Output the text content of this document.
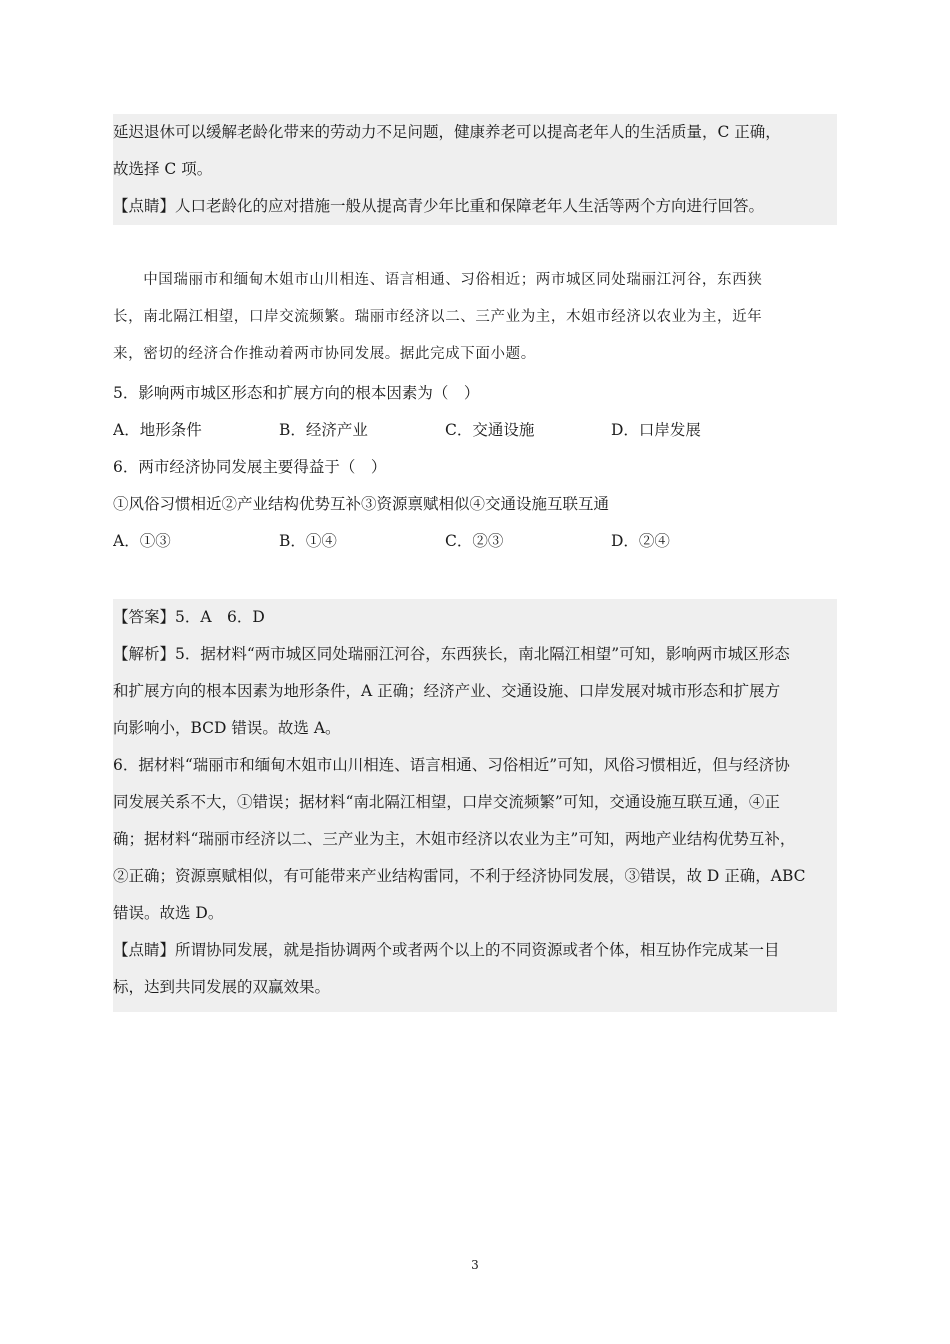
延迟退休可以缓解老龄化带来的劳动力不足问题，健康养老可以提高老年人的生活质量，C 正确，
故选择 C 项。
【点睛】人口老龄化的应对措施一般从提高青少年比重和保障老年人生活等两个方向进行回答。
　　中国瑞丽市和缅甸木姐市山川相连、语言相通、习俗相近；两市城区同处瑞丽江河谷，东西狭
长，南北隔江相望，口岸交流频繁。瑞丽市经济以二、三产业为主，木姐市经济以农业为主，近年
来，密切的经济合作推动着两市协同发展。据此完成下面小题。
5．影响两市城区形态和扩展方向的根本因素为（　）
A．地形条件	B．经济产业	C．交通设施	D．口岸发展
6．两市经济协同发展主要得益于（　）
①风俗习惯相近②产业结构优势互补③资源禀赋相似④交通设施互联互通
A．①③	B．①④	C．②③	D．②④
【答案】5．A　6．D
【解析】5．据材料“两市城区同处瑞丽江河谷，东西狭长，南北隔江相望”可知，影响两市城区形态
和扩展方向的根本因素为地形条件，A 正确；经济产业、交通设施、口岸发展对城市形态和扩展方
向影响小，BCD 错误。故选 A。
6．据材料“瑞丽市和缅甸木姐市山川相连、语言相通、习俗相近”可知，风俗习惯相近，但与经济协
同发展关系不大，①错误；据材料“南北隔江相望，口岸交流频繁”可知，交通设施互联互通，④正
确；据材料“瑞丽市经济以二、三产业为主，木姐市经济以农业为主”可知，两地产业结构优势互补，
②正确；资源禀赋相似，有可能带来产业结构雷同，不利于经济协同发展，③错误，故 D 正确，ABC
错误。故选 D。
【点睛】所谓协同发展，就是指协调两个或者两个以上的不同资源或者个体，相互协作完成某一目
标，达到共同发展的双赢效果。
3
